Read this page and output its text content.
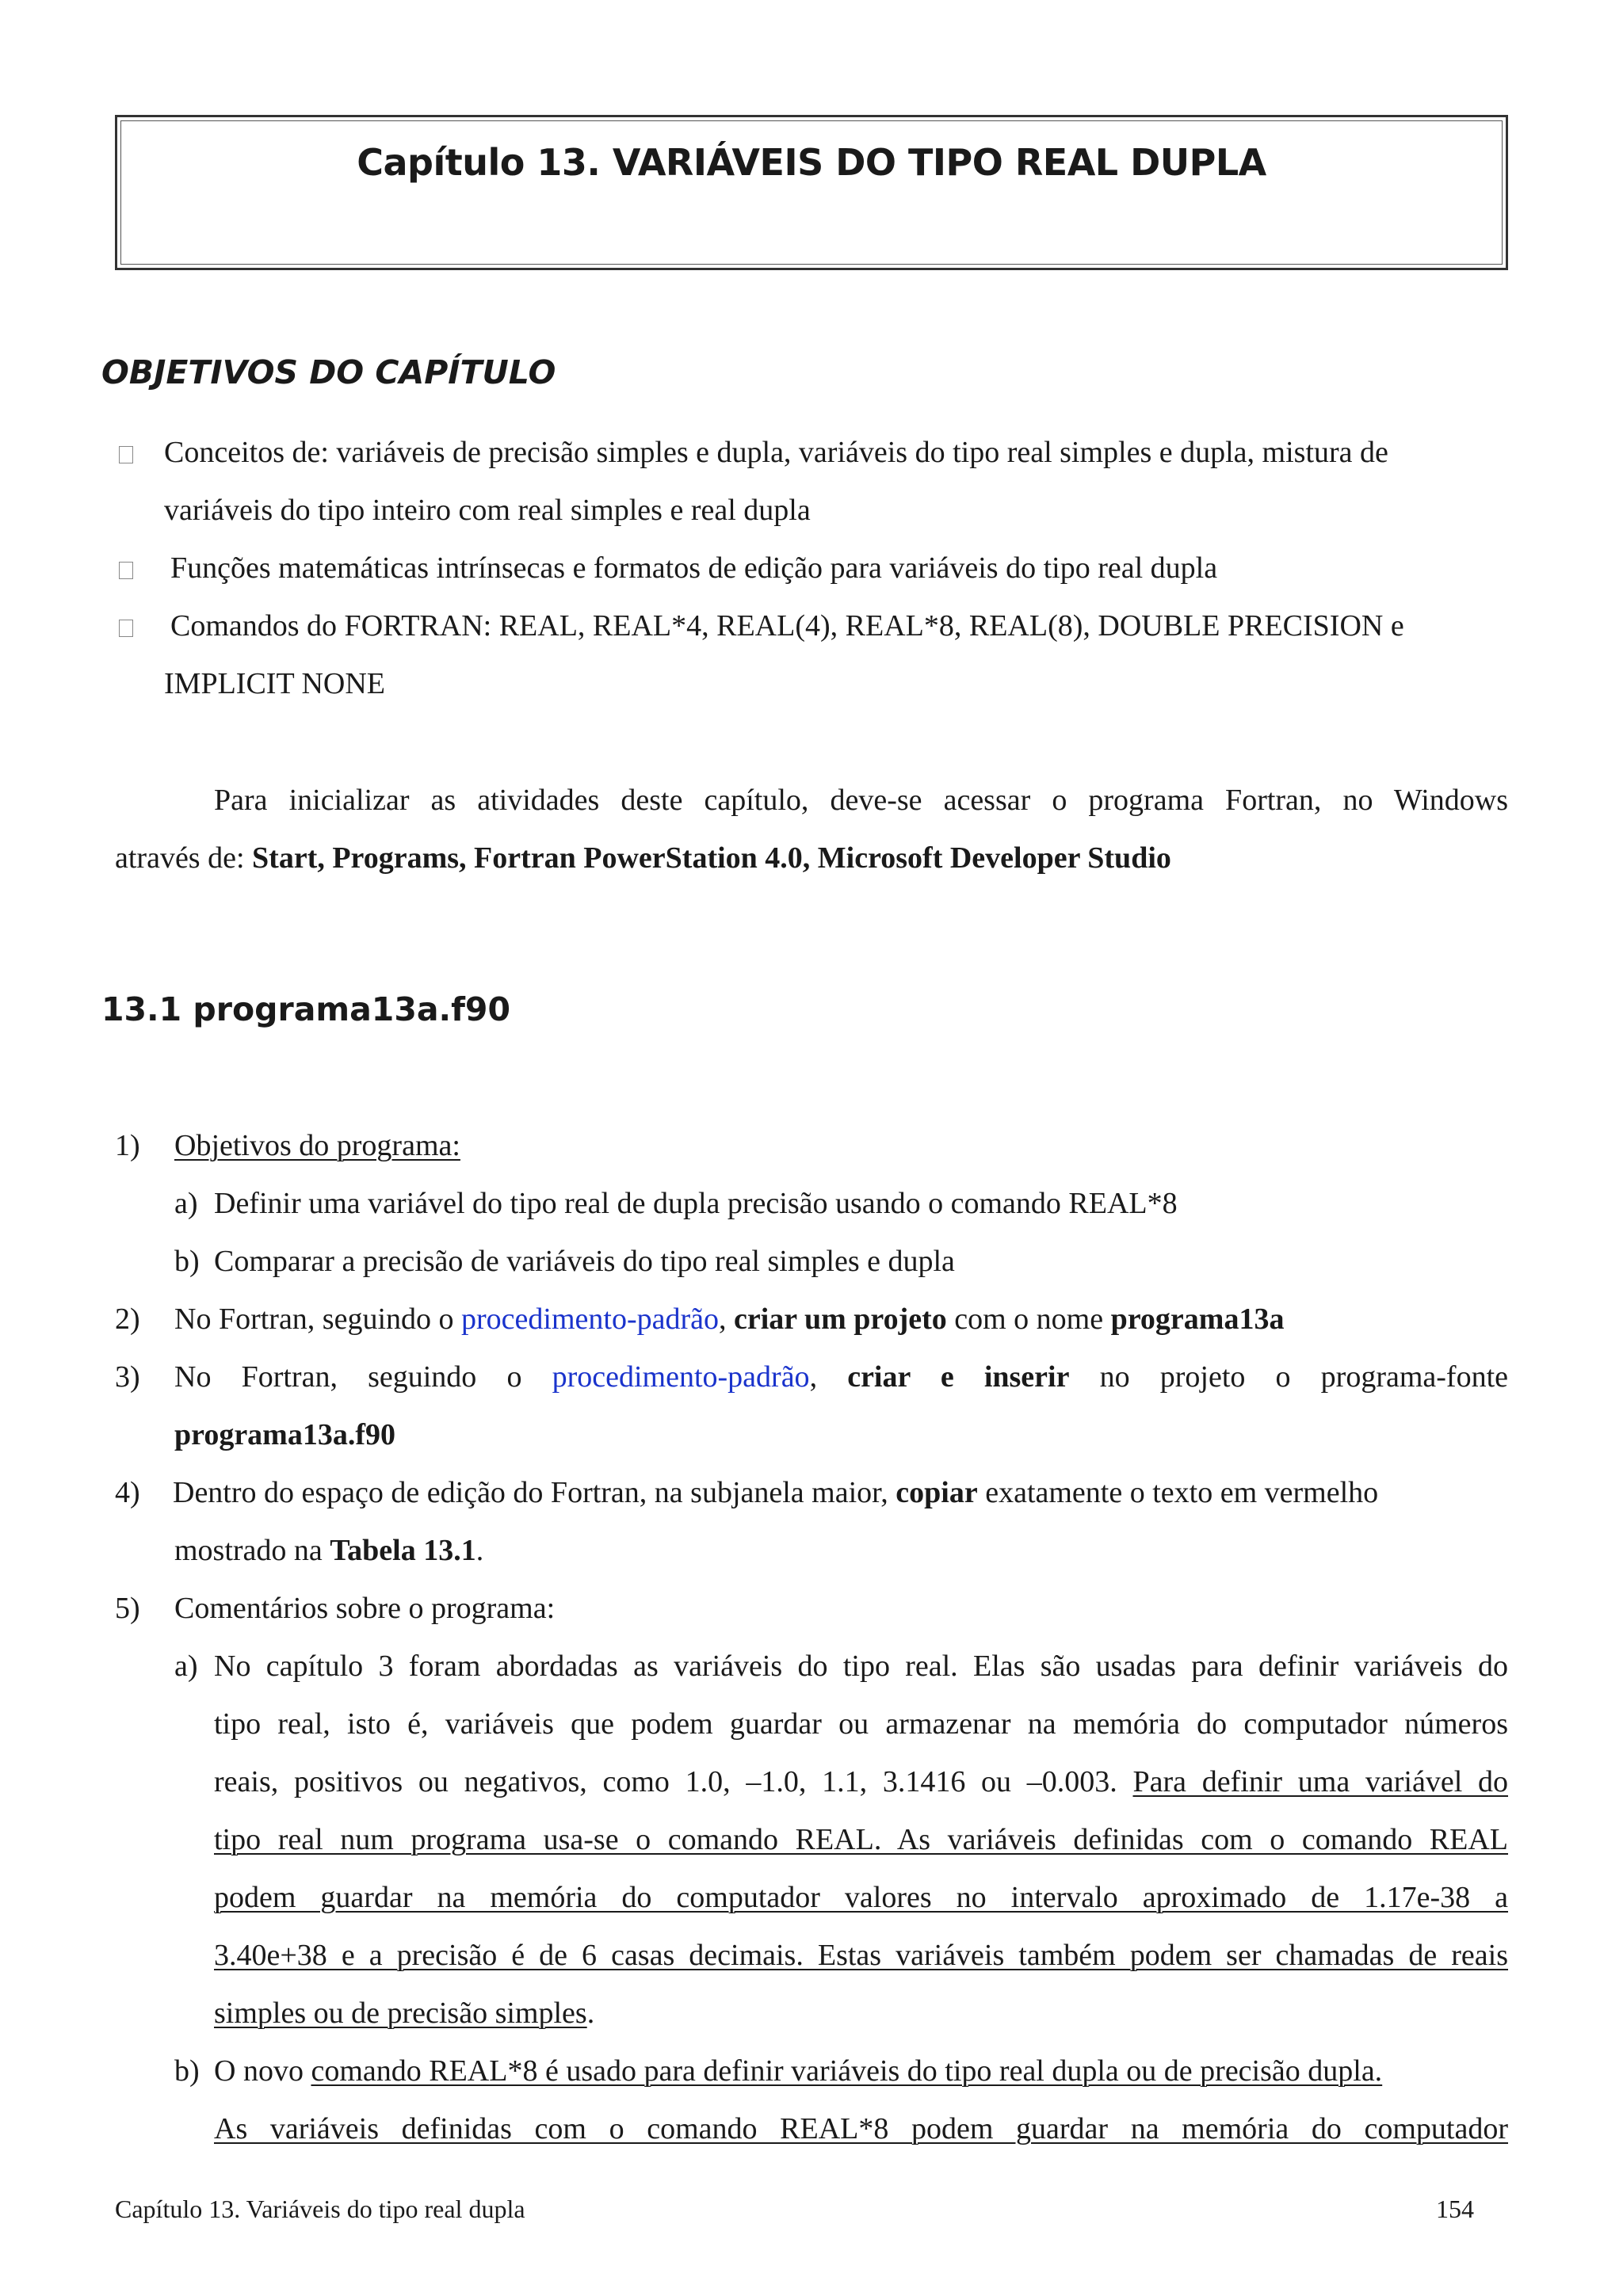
Capítulo 13. VARIÁVEIS DO TIPO REAL DUPLA
OBJETIVOS DO CAPÍTULO
Conceitos de: variáveis de precisão simples e dupla, variáveis do tipo real simples e dupla, mistura de
variáveis do tipo inteiro com real simples e real dupla
Funções matemáticas intrínsecas e formatos de edição para variáveis do tipo real dupla
Comandos do FORTRAN: REAL, REAL*4, REAL(4), REAL*8, REAL(8), DOUBLE PRECISION e
IMPLICIT NONE
Para inicializar as atividades deste capítulo, deve-se acessar o programa Fortran, no Windows
através de: Start, Programs, Fortran PowerStation 4.0, Microsoft Developer Studio
13.1 programa13a.f90
1) Objetivos do programa:
a) Definir uma variável do tipo real de dupla precisão usando o comando REAL*8
b) Comparar a precisão de variáveis do tipo real simples e dupla
2) No Fortran, seguindo o procedimento-padrão, criar um projeto com o nome programa13a
3) No Fortran, seguindo o procedimento-padrão, criar e inserir no projeto o programa-fonte
programa13a.f90
4) Dentro do espaço de edição do Fortran, na subjanela maior, copiar exatamente o texto em vermelho
mostrado na Tabela 13.1.
5) Comentários sobre o programa:
a) No capítulo 3 foram abordadas as variáveis do tipo real. Elas são usadas para definir variáveis do
tipo real, isto é, variáveis que podem guardar ou armazenar na memória do computador números
reais, positivos ou negativos, como 1.0, –1.0, 1.1, 3.1416 ou –0.003. Para definir uma variável do
tipo real num programa usa-se o comando REAL. As variáveis definidas com o comando REAL
podem guardar na memória do computador valores no intervalo aproximado de 1.17e-38 a
3.40e+38 e a precisão é de 6 casas decimais. Estas variáveis também podem ser chamadas de reais
simples ou de precisão simples.
b) O novo comando REAL*8 é usado para definir variáveis do tipo real dupla ou de precisão dupla.
As variáveis definidas com o comando REAL*8 podem guardar na memória do computador
Capítulo 13. Variáveis do tipo real dupla	154
